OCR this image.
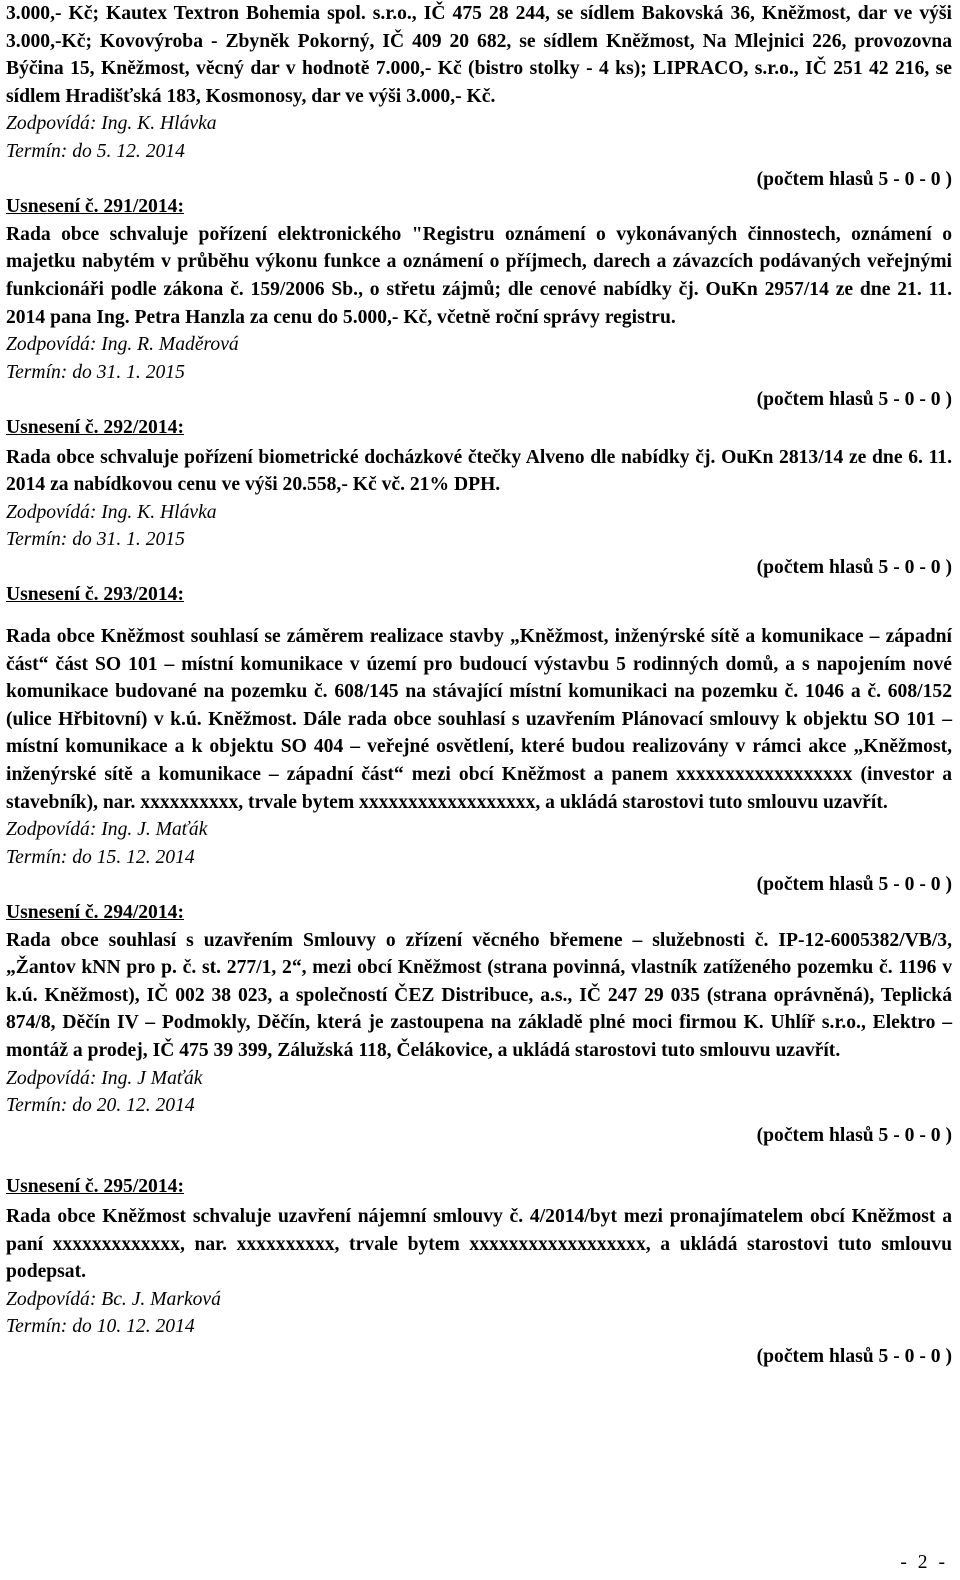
3.000,- Kč; Kautex Textron Bohemia spol. s.r.o., IČ 475 28 244, se sídlem Bakovská 36, Kněžmost, dar ve výši 3.000,-Kč; Kovovýroba - Zbyněk Pokorný, IČ 409 20 682, se sídlem Kněžmost, Na Mlejnici 226, provozovna Býčina 15, Kněžmost, věcný dar v hodnotě 7.000,- Kč (bistro stolky - 4 ks); LIPRACO, s.r.o., IČ 251 42 216, se sídlem Hradišťská 183, Kosmonosy, dar ve výši 3.000,- Kč.

Zodpovídá: Ing. K. Hlávka

Termín: do 5. 12. 2014

(počtem hlasů 5 - 0 - 0 )

Usnesení č. 291/2014:

Rada obce schvaluje pořízení elektronického "Registru oznámení o vykonávaných činnostech, oznámení o majetku nabytém v průběhu výkonu funkce a oznámení o příjmech, darech a závazcích podávaných veřejnými funkcionáři podle zákona č. 159/2006 Sb., o střetu zájmů; dle cenové nabídky čj. OuKn 2957/14 ze dne 21. 11. 2014 pana Ing. Petra Hanzla za cenu do 5.000,- Kč, včetně roční správy registru.

Zodpovídá: Ing. R. Maděrová

Termín: do 31. 1. 2015

(počtem hlasů 5 - 0 - 0 )

Usnesení č. 292/2014:

Rada obce schvaluje pořízení biometrické docházkové čtečky Alveno dle nabídky čj. OuKn 2813/14 ze dne 6. 11. 2014 za nabídkovou cenu ve výši 20.558,- Kč vč. 21% DPH.

Zodpovídá: Ing. K. Hlávka

Termín: do 31. 1. 2015

(počtem hlasů 5 - 0 - 0 )

Usnesení č. 293/2014:

Rada obce Kněžmost souhlasí se záměrem realizace stavby „Kněžmost, inženýrské sítě a komunikace – západní část“ část SO 101 – místní komunikace v území pro budoucí výstavbu 5 rodinných domů, a s napojením nové komunikace budované na pozemku č. 608/145 na stávající místní komunikaci na pozemku č. 1046 a č. 608/152 (ulice Hřbitovní) v k.ú. Kněžmost. Dále rada obce souhlasí s uzavřením Plánovací smlouvy k objektu SO 101 – místní komunikace a k objektu SO 404 – veřejné osvětlení, které budou realizovány v rámci akce „Kněžmost, inženýrské sítě a komunikace – západní část“ mezi obcí Kněžmost a panem xxxxxxxxxxxxxxxxxx (investor a stavebník), nar. xxxxxxxxxx, trvale bytem xxxxxxxxxxxxxxxxxx, a ukládá starostovi tuto smlouvu uzavřít.

Zodpovídá: Ing. J. Maťák

Termín: do 15. 12. 2014

(počtem hlasů 5 - 0 - 0 )

Usnesení č. 294/2014:

Rada obce souhlasí s uzavřením Smlouvy o zřízení věcného břemene – služebnosti č. IP-12-6005382/VB/3, „Žantov kNN pro p. č. st. 277/1, 2“, mezi obcí Kněžmost (strana povinná, vlastník zatíženého pozemku č. 1196 v k.ú. Kněžmost), IČ 002 38 023, a společností ČEZ Distribuce, a.s., IČ 247 29 035 (strana oprávněná), Teplická 874/8, Děčín IV – Podmokly, Děčín, která je zastoupena na základě plné moci firmou K. Uhlíř s.r.o., Elektro – montáž a prodej, IČ 475 39 399, Zálužská 118, Čelákovice, a ukládá starostovi tuto smlouvu uzavřít.

Zodpovídá: Ing. J Maťák

Termín: do 20. 12. 2014

(počtem hlasů 5 - 0 - 0 )

Usnesení č. 295/2014:

Rada obce Kněžmost schvaluje uzavření nájemní smlouvy č. 4/2014/byt mezi pronajímatelem obcí Kněžmost a paní xxxxxxxxxxxxx, nar. xxxxxxxxxx, trvale bytem xxxxxxxxxxxxxxxxxx, a ukládá starostovi tuto smlouvu podepsat.

Zodpovídá: Bc. J. Marková

Termín: do 10. 12. 2014

(počtem hlasů 5 - 0 - 0 )

- 2 -
